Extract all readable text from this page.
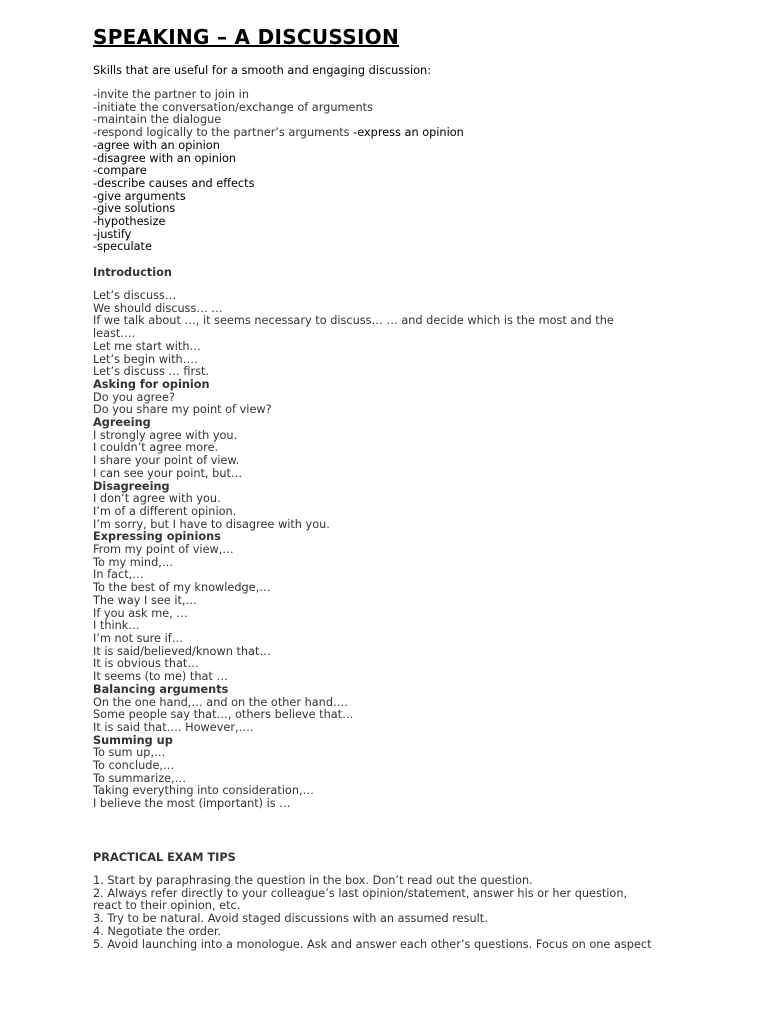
SPEAKING – A DISCUSSION
Skills that are useful for a smooth and engaging discussion:
-invite the partner to join in
-initiate the conversation/exchange of arguments
-maintain the dialogue
-respond logically to the partner’s arguments -express an opinion
-agree with an opinion
-disagree with an opinion
-compare
-describe causes and effects
-give arguments
-give solutions
-hypothesize
-justify
-speculate
Introduction
Let’s discuss…
We should discuss… …
If we talk about …, it seems necessary to discuss… … and decide which is the most and the
least….
Let me start with…
Let’s begin with….
Let’s discuss … first.
Asking for opinion
Do you agree?
Do you share my point of view?
Agreeing
I strongly agree with you.
I couldn’t agree more.
I share your point of view.
I can see your point, but…
Disagreeing
I don’t agree with you.
I’m of a different opinion.
I’m sorry, but I have to disagree with you.
Expressing opinions
From my point of view,…
To my mind,…
In fact,…
To the best of my knowledge,…
The way I see it,…
If you ask me, …
I think…
I’m not sure if…
It is said/believed/known that…
It is obvious that…
It seems (to me) that …
Balancing arguments
On the one hand,… and on the other hand….
Some people say that…, others believe that…
It is said that…. However,….
Summing up
To sum up,…
To conclude,…
To summarize,…
Taking everything into consideration,…
I believe the most (important) is …
PRACTICAL EXAM TIPS
1. Start by paraphrasing the question in the box. Don’t read out the question.
2. Always refer directly to your colleague’s last opinion/statement, answer his or her question,
react to their opinion, etc.
3. Try to be natural. Avoid staged discussions with an assumed result.
4. Negotiate the order.
5. Avoid launching into a monologue. Ask and answer each other’s questions. Focus on one aspect
